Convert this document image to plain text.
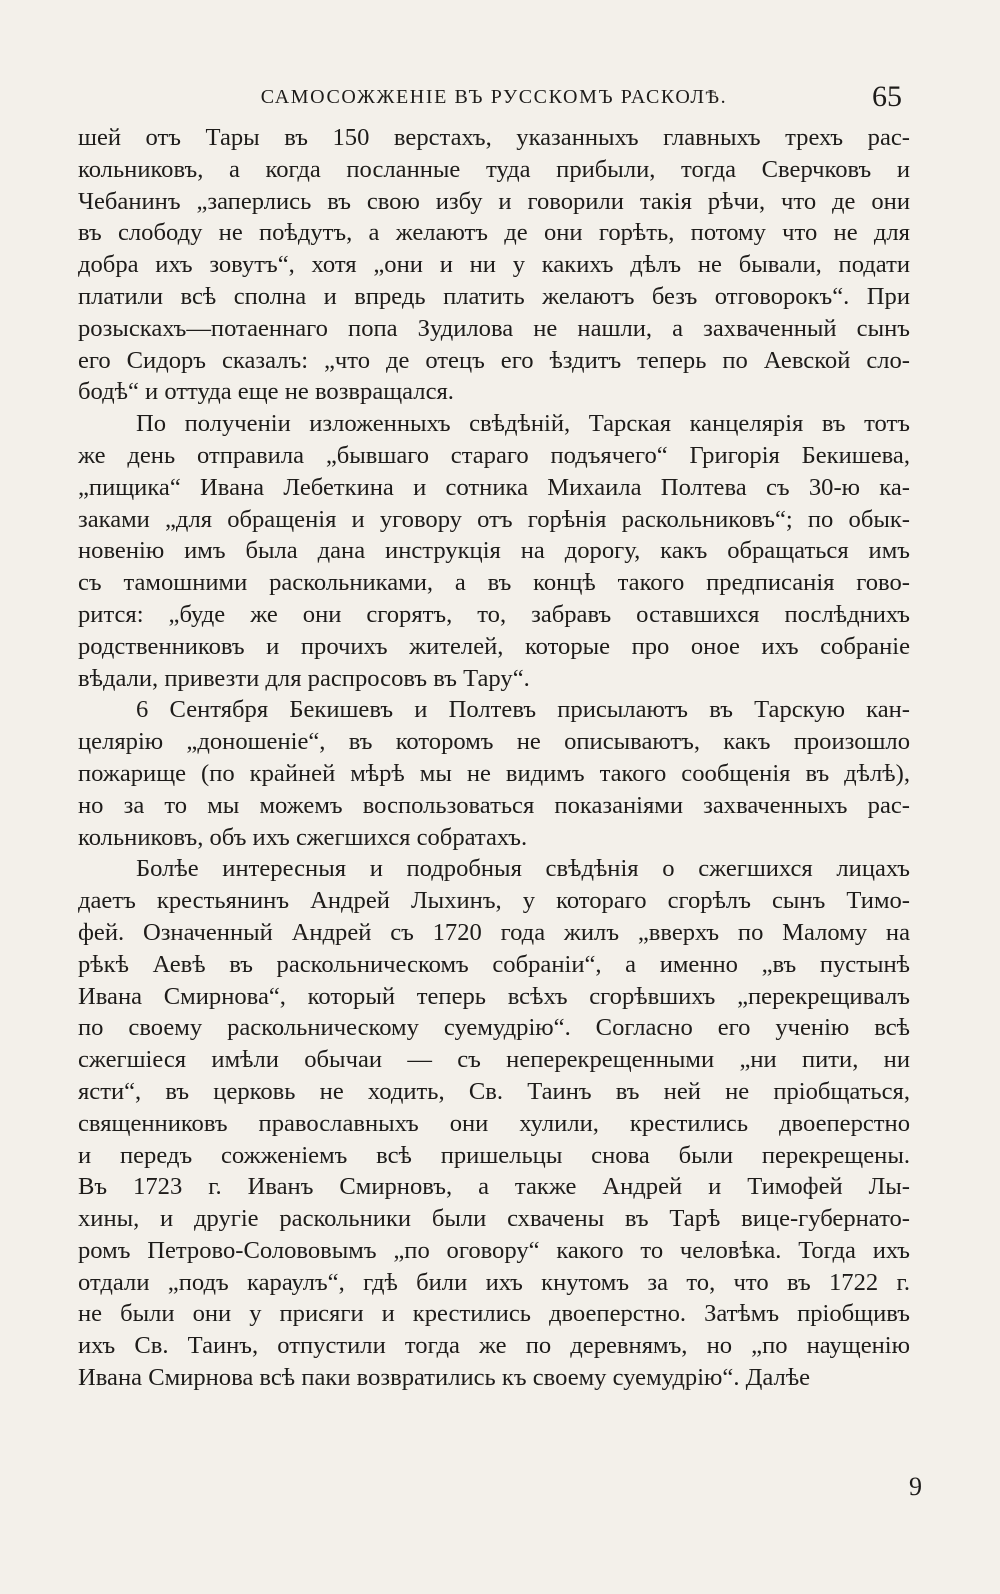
САМОСОЖЖЕНІЕ ВЪ РУССКОМЪ РАСКОЛѢ.	65
шей отъ Тары въ 150 верстахъ, указанныхъ главныхъ трехъ рас-
кольниковъ, а когда посланные туда прибыли, тогда Сверчковъ и
Чебанинъ „заперлись въ свою избу и говорили такія рѣчи, что де они
въ слободу не поѣдутъ, а желаютъ де они горѣть, потому что не для
добра ихъ зовутъ“, хотя „они и ни у какихъ дѣлъ не бывали, подати
платили всѣ сполна и впредь платить желаютъ безъ отговорокъ“. При
розыскахъ—потаеннаго попа Зудилова не нашли, а захваченный сынъ
его Сидоръ сказалъ: „что де отецъ его ѣздитъ теперь по Аевской сло-
бодѣ“ и оттуда еще не возвращался.
По полученіи изложенныхъ свѣдѣній, Тарская канцелярія въ тотъ
же день отправила „бывшаго стараго подъячего“ Григорія Бекишева,
„пищика“ Ивана Лебеткина и сотника Михаила Полтева съ 30-ю ка-
заками „для обращенія и уговору отъ горѣнія раскольниковъ“; по обык-
новенію имъ была дана инструкція на дорогу, какъ обращаться имъ
съ тамошними раскольниками, а въ концѣ такого предписанія гово-
рится: „буде же они сгорятъ, то, забравъ оставшихся послѣднихъ
родственниковъ и прочихъ жителей, которые про оное ихъ собраніе
вѣдали, привезти для распросовъ въ Тару“.
6 Сентября Бекишевъ и Полтевъ присылаютъ въ Тарскую кан-
целярію „доношеніе“, въ которомъ не описываютъ, какъ произошло
пожарище (по крайней мѣрѣ мы не видимъ такого сообщенія въ дѣлѣ),
но за то мы можемъ воспользоваться показаніями захваченныхъ рас-
кольниковъ, объ ихъ сжегшихся собратахъ.
Болѣе интересныя и подробныя свѣдѣнія о сжегшихся лицахъ
даетъ крестьянинъ Андрей Лыхинъ, у котораго сгорѣлъ сынъ Тимо-
фей. Означенный Андрей съ 1720 года жилъ „вверхъ по Малому на
рѣкѣ Аевѣ въ раскольническомъ собраніи“, а именно „въ пустынѣ
Ивана Смирнова“, который теперь всѣхъ сгорѣвшихъ „перекрещивалъ
по своему раскольническому суемудрію“. Согласно его ученію всѣ
сжегшіеся имѣли обычаи — съ неперекрещенными „ни пити, ни
ясти“, въ церковь не ходить, Св. Таинъ въ ней не пріобщаться,
священниковъ православныхъ они хулили, крестились двоеперстно
и передъ сожженіемъ всѣ пришельцы снова были перекрещены.
Въ 1723 г. Иванъ Смирновъ, а также Андрей и Тимофей Лы-
хины, и другіе раскольники были схвачены въ Тарѣ вице-губернато-
ромъ Петрово-Солововымъ „по оговору“ какого то человѣка. Тогда ихъ
отдали „подъ караулъ“, гдѣ били ихъ кнутомъ за то, что въ 1722 г.
не были они у присяги и крестились двоеперстно. Затѣмъ пріобщивъ
ихъ Св. Таинъ, отпустили тогда же по деревнямъ, но „по наущенію
Ивана Смирнова всѣ паки возвратились къ своему суемудрію“. Далѣе
9
